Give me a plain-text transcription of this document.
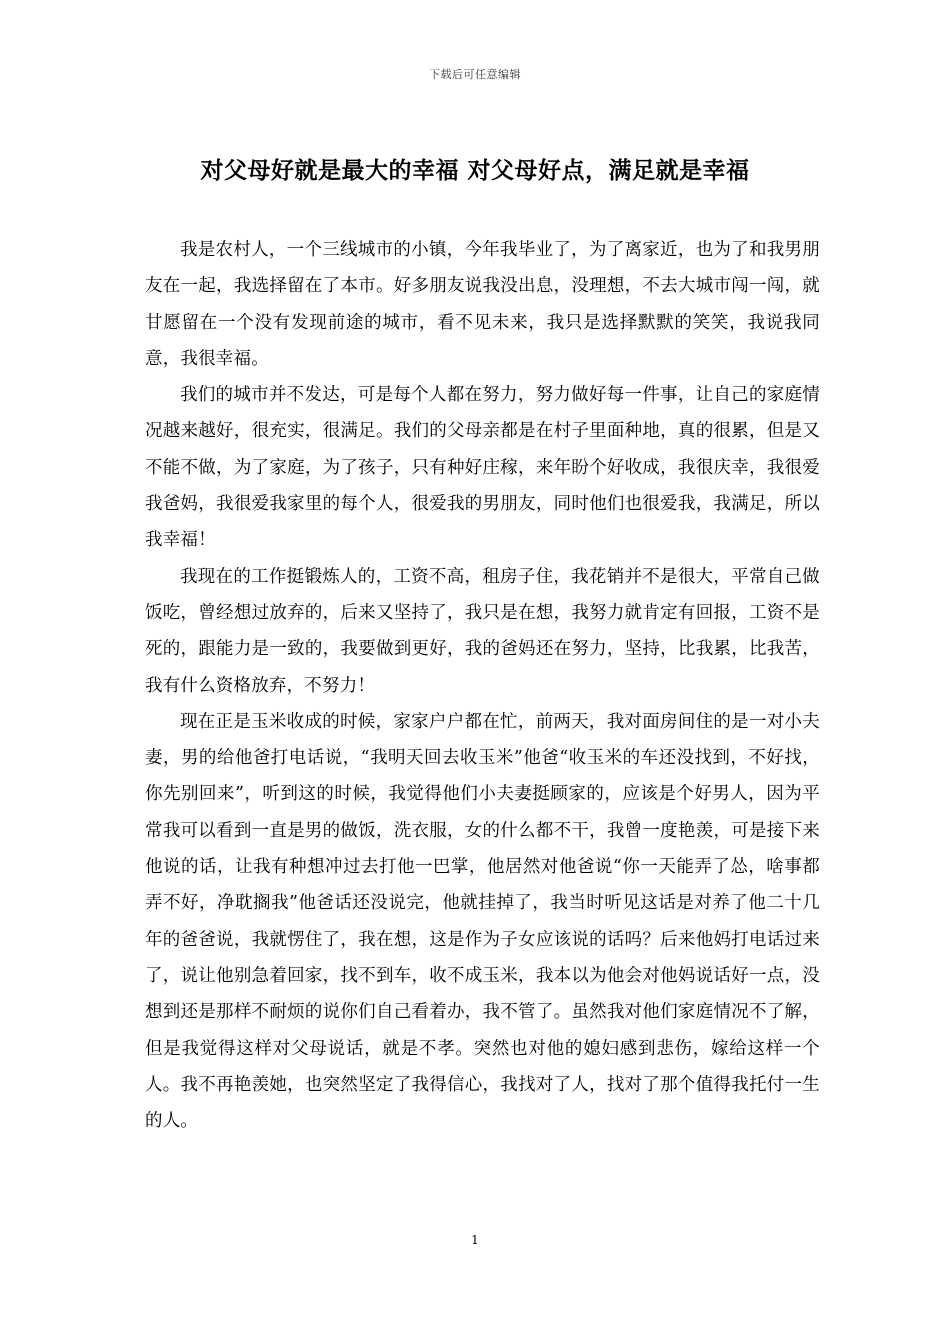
下载后可任意编辑
对父母好就是最大的幸福 对父母好点，满足就是幸福

我是农村人，一个三线城市的小镇，今年我毕业了，为了离家近，也为了和我男朋友在一起，我选择留在了本市。好多朋友说我没出息，没理想，不去大城市闯一闯，就甘愿留在一个没有发现前途的城市，看不见未来，我只是选择默默的笑笑，我说我同意，我很幸福。

我们的城市并不发达，可是每个人都在努力，努力做好每一件事，让自己的家庭情况越来越好，很充实，很满足。我们的父母亲都是在村子里面种地，真的很累，但是又不能不做，为了家庭，为了孩子，只有种好庄稼，来年盼个好收成，我很庆幸，我很爱我爸妈，我很爱我家里的每个人，很爱我的男朋友，同时他们也很爱我，我满足，所以我幸福！

我现在的工作挺锻炼人的，工资不高，租房子住，我花销并不是很大，平常自己做饭吃，曾经想过放弃的，后来又坚持了，我只是在想，我努力就肯定有回报，工资不是死的，跟能力是一致的，我要做到更好，我的爸妈还在努力，坚持，比我累，比我苦，我有什么资格放弃，不努力！

现在正是玉米收成的时候，家家户户都在忙，前两天，我对面房间住的是一对小夫妻，男的给他爸打电话说，“我明天回去收玉米”他爸“收玉米的车还没找到，不好找，你先别回来”，听到这的时候，我觉得他们小夫妻挺顾家的，应该是个好男人，因为平常我可以看到一直是男的做饭，洗衣服，女的什么都不干，我曾一度艳羡，可是接下来他说的话，让我有种想冲过去打他一巴掌，他居然对他爸说“你一天能弄了怂，啥事都弄不好，净耽搁我”他爸话还没说完，他就挂掉了，我当时听见这话是对养了他二十几年的爸爸说，我就愣住了，我在想，这是作为子女应该说的话吗？后来他妈打电话过来了，说让他别急着回家，找不到车，收不成玉米，我本以为他会对他妈说话好一点，没想到还是那样不耐烦的说你们自己看着办，我不管了。虽然我对他们家庭情况不了解，但是我觉得这样对父母说话，就是不孝。突然也对他的媳妇感到悲伤，嫁给这样一个人。我不再艳羡她，也突然坚定了我得信心，我找对了人，找对了那个值得我托付一生的人。

1
